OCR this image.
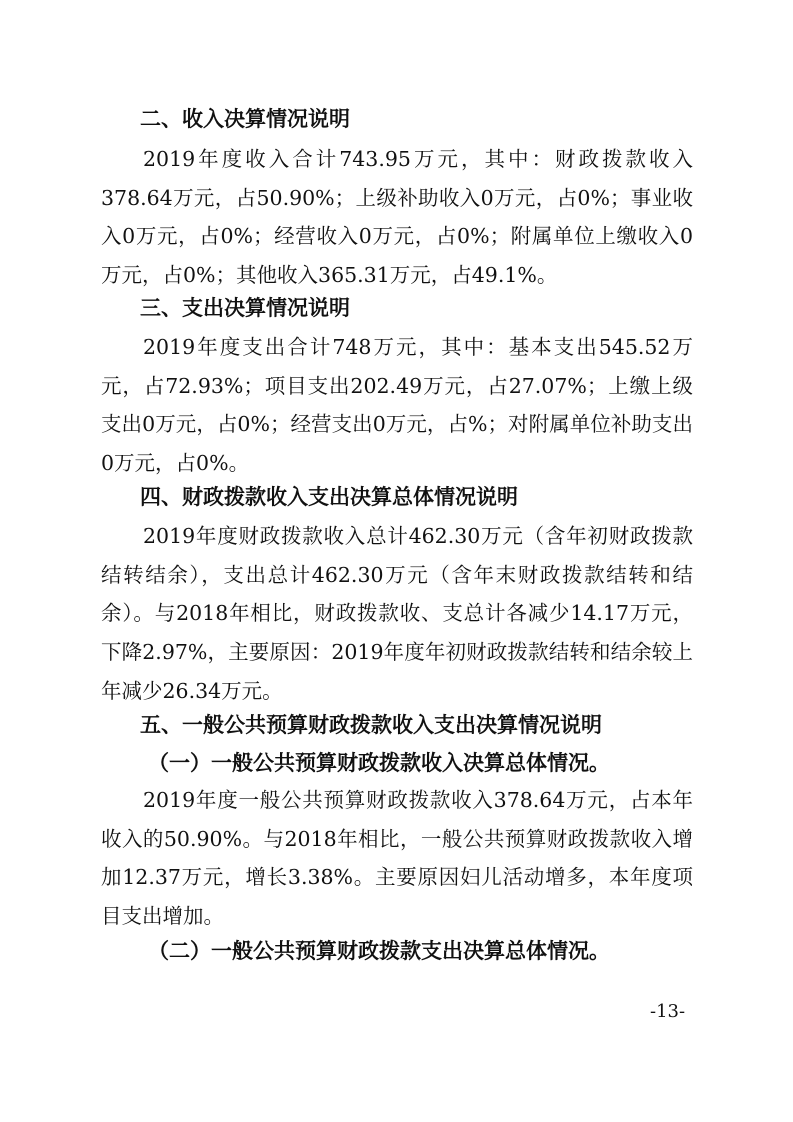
二、收入决算情况说明
2019年度收入合计743.95万元，其中：财政拨款收入378.64万元，占50.90%；上级补助收入0万元，占0%；事业收入0万元，占0%；经营收入0万元，占0%；附属单位上缴收入0万元，占0%；其他收入365.31万元，占49.1%。
三、支出决算情况说明
2019年度支出合计748万元，其中：基本支出545.52万元，占72.93%；项目支出202.49万元，占27.07%；上缴上级支出0万元，占0%；经营支出0万元，占%；对附属单位补助支出0万元，占0%。
四、财政拨款收入支出决算总体情况说明
2019年度财政拨款收入总计462.30万元（含年初财政拨款结转结余），支出总计462.30万元（含年末财政拨款结转和结余）。与2018年相比，财政拨款收、支总计各减少14.17万元，下降2.97%，主要原因：2019年度年初财政拨款结转和结余较上年减少26.34万元。
五、一般公共预算财政拨款收入支出决算情况说明
（一）一般公共预算财政拨款收入决算总体情况。
2019年度一般公共预算财政拨款收入378.64万元，占本年收入的50.90%。与2018年相比，一般公共预算财政拨款收入增加12.37万元，增长3.38%。主要原因妇儿活动增多，本年度项目支出增加。
（二）一般公共预算财政拨款支出决算总体情况。
-13-
